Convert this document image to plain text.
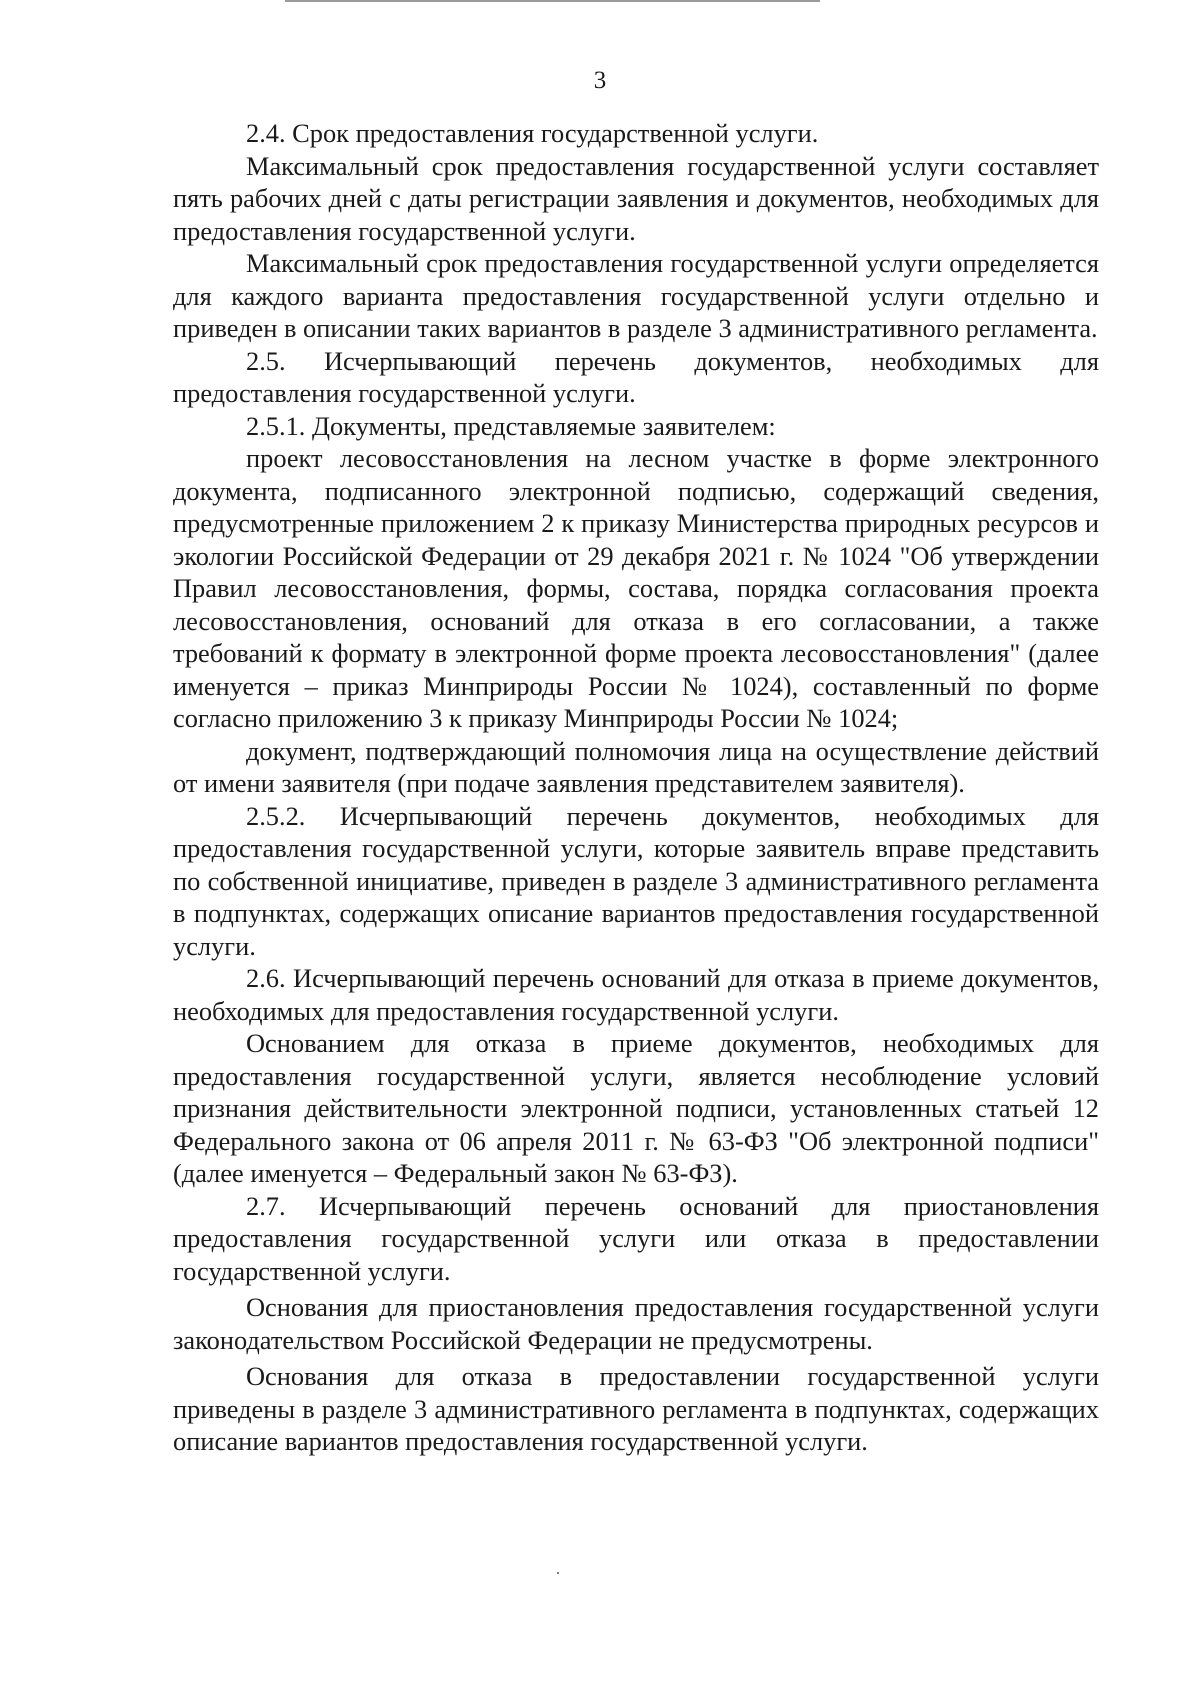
3

2.4. Срок предоставления государственной услуги.

Максимальный срок предоставления государственной услуги составляет пять рабочих дней с даты регистрации заявления и документов, необходимых для предоставления государственной услуги.

Максимальный срок предоставления государственной услуги определяется для каждого варианта предоставления государственной услуги отдельно и приведен в описании таких вариантов в разделе 3 административного регламента.

2.5. Исчерпывающий перечень документов, необходимых для предоставления государственной услуги.

2.5.1. Документы, представляемые заявителем:

проект лесовосстановления на лесном участке в форме электронного документа, подписанного электронной подписью, содержащий сведения, предусмотренные приложением 2 к приказу Министерства природных ресурсов и экологии Российской Федерации от 29 декабря 2021 г. № 1024 "Об утверждении Правил лесовосстановления, формы, состава, порядка согласования проекта лесовосстановления, оснований для отказа в его согласовании, а также требований к формату в электронной форме проекта лесовосстановления" (далее именуется – приказ Минприроды России № 1024), составленный по форме согласно приложению 3 к приказу Минприроды России № 1024;

документ, подтверждающий полномочия лица на осуществление действий от имени заявителя (при подаче заявления представителем заявителя).

2.5.2. Исчерпывающий перечень документов, необходимых для предоставления государственной услуги, которые заявитель вправе представить по собственной инициативе, приведен в разделе 3 административного регламента в подпунктах, содержащих описание вариантов предоставления государственной услуги.

2.6. Исчерпывающий перечень оснований для отказа в приеме документов, необходимых для предоставления государственной услуги.

Основанием для отказа в приеме документов, необходимых для предоставления государственной услуги, является несоблюдение условий признания действительности электронной подписи, установленных статьей 12 Федерального закона от 06 апреля 2011 г. № 63-ФЗ "Об электронной подписи" (далее именуется – Федеральный закон № 63-ФЗ).

2.7. Исчерпывающий перечень оснований для приостановления предоставления государственной услуги или отказа в предоставлении государственной услуги.

Основания для приостановления предоставления государственной услуги законодательством Российской Федерации не предусмотрены.

Основания для отказа в предоставлении государственной услуги приведены в разделе 3 административного регламента в подпунктах, содержащих описание вариантов предоставления государственной услуги.
